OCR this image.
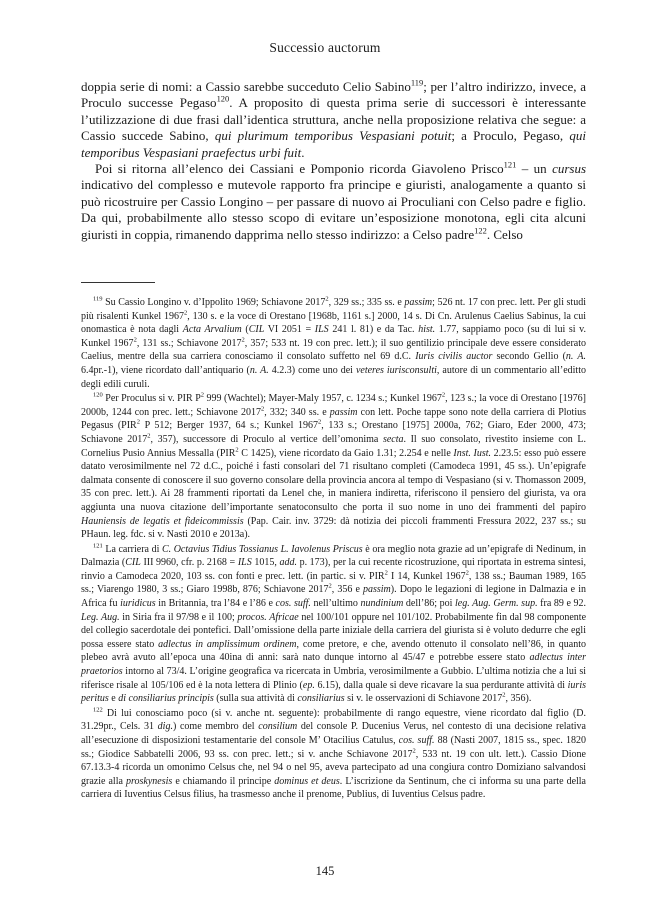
Successio auctorum

doppia serie di nomi: a Cassio sarebbe succeduto Celio Sabino$^{119}$; per l’altro indirizzo, invece, a Proculo successe Pegaso$^{120}$. A proposito di questa prima serie di successori è interessante l’utilizzazione di due frasi dall’identica struttura, anche nella proposizione relativa che segue: a Cassio succede Sabino, qui plurimum temporibus Vespasiani potuit; a Proculo, Pegaso, qui temporibus Vespasiani praefectus urbi fuit.

Poi si ritorna all’elenco dei Cassiani e Pomponio ricorda Giavoleno Prisco$^{121}$ – un cursus indicativo del complesso e mutevole rapporto fra principe e giuristi, analogamente a quanto si può ricostruire per Cassio Longino – per passare di nuovo ai Proculiani con Celso padre e figlio. Da qui, probabilmente allo stesso scopo di evitare un’esposizione monotona, egli cita alcuni giuristi in coppia, rimanendo dapprima nello stesso indirizzo: a Celso padre$^{122}$. Celso

$^{119}$ Su Cassio Longino v. d’Ippolito 1969; Schiavone 2017$^2$, 329 ss.; 335 ss. e passim; 526 nt. 17 con prec. lett. Per gli studi più risalenti Kunkel 1967$^2$, 130 s. e la voce di Orestano [1968b, 1161 s.] 2000, 14 s. Di Cn. Arulenus Caelius Sabinus, la cui onomastica è nota dagli Acta Arvalium (CIL VI 2051 = ILS 241 l. 81) e da Tac. hist. 1.77, sappiamo poco (su di lui si v. Kunkel 1967$^2$, 131 ss.; Schiavone 2017$^2$, 357; 533 nt. 19 con prec. lett.); il suo gentilizio principale deve essere considerato Caelius, mentre della sua carriera conosciamo il consolato suffetto nel 69 d.C. Iuris civilis auctor secondo Gellio (n. A. 6.4pr.-1), viene ricordato dall’antiquario (n. A. 4.2.3) come uno dei veteres iurisconsulti, autore di un commentario all’editto degli edili curuli.

$^{120}$ Per Proculus si v. PIR $P^2$ 999 (Wachtel); Mayer-Maly 1957, c. 1234 s.; Kunkel 1967$^2$, 123 s.; la voce di Orestano [1976] 2000b, 1244 con prec. lett.; Schiavone 2017$^2$, 332; 340 ss. e passim con lett. Poche tappe sono note della carriera di Plotius Pegasus (PIR$^2$ P 512; Berger 1937, 64 s.; Kunkel 1967$^2$, 133 s.; Orestano [1975] 2000a, 762; Giaro, Eder 2000, 473; Schiavone 2017$^2$, 357), successore di Proculo al vertice dell’omonima secta. Il suo consolato, rivestito insieme con L. Cornelius Pusio Annius Messalla (PIR$^2$ C 1425), viene ricordato da Gaio 1.31; 2.254 e nelle Inst. Iust. 2.23.5: esso può essere datato verosimilmente nel 72 d.C., poiché i fasti consolari del 71 risultano completi (Camodeca 1991, 45 ss.). Un’epigrafe dalmata consente di conoscere il suo governo consolare della provincia ancora al tempo di Vespasiano (si v. Thomasson 2009, 35 con prec. lett.). Ai 28 frammenti riportati da Lenel che, in maniera indiretta, riferiscono il pensiero del giurista, va ora aggiunta una nuova citazione dell’importante senatoconsulto che porta il suo nome in uno dei frammenti del papiro Hauniensis de legatis et fideicommissis (Pap. Cair. inv. 3729: dà notizia dei piccoli frammenti Fressura 2022, 237 ss.; su PHaun. leg. fdc. si v. Nasti 2010 e 2013a).

$^{121}$ La carriera di C. Octavius Tidius Tossianus L. Iavolenus Priscus è ora meglio nota grazie ad un’epigrafe di Nedinum, in Dalmazia (CIL III 9960, cfr. p. 2168 = ILS 1015, add. p. 173), per la cui recente ricostruzione, qui riportata in estrema sintesi, rinvio a Camodeca 2020, 103 ss. con fonti e prec. lett. (in partic. si v. PIR$^2$ I 14, Kunkel 1967$^2$, 138 ss.; Bauman 1989, 165 ss.; Viarengo 1980, 3 ss.; Giaro 1998b, 876; Schiavone 2017$^2$, 356 e passim). Dopo le legazioni di legione in Dalmazia e in Africa fu iuridicus in Britannia, tra l’84 e l’86 e cos. suff. nell’ultimo nundinium dell’86; poi leg. Aug. Germ. sup. fra 89 e 92. Leg. Aug. in Siria fra il 97/98 e il 100; procos. Africae nel 100/101 oppure nel 101/102. Probabilmente fin dal 98 componente del collegio sacerdotale dei pontefici. Dall’omissione della parte iniziale della carriera del giurista si è voluto dedurre che egli possa essere stato adlectus in amplissimum ordinem, come pretore, e che, avendo ottenuto il consolato nell’86, in quanto plebeo avrà avuto all’epoca una 40ina di anni: sarà nato dunque intorno al 45/47 e potrebbe essere stato adlectus inter praetorios intorno al 73/4. L’origine geografica va ricercata in Umbria, verosimilmente a Gubbio. L’ultima notizia che a lui si riferisce risale al 105/106 ed è la nota lettera di Plinio (ep. 6.15), dalla quale si deve ricavare la sua perdurante attività di iuris peritus e di consiliarius principis (sulla sua attività di consiliarius si v. le osservazioni di Schiavone 2017$^2$, 356).

$^{122}$ Di lui conosciamo poco (si v. anche nt. seguente): probabilmente di rango equestre, viene ricordato dal figlio (D. 31.29pr., Cels. 31 dig.) come membro del consilium del console P. Ducenius Verus, nel contesto di una decisione relativa all’esecuzione di disposizioni testamentarie del console M’ Otacilius Catulus, cos. suff. 88 (Nasti 2007, 1815 ss., spec. 1820 ss.; Giodice Sabbatelli 2006, 93 ss. con prec. lett.; si v. anche Schiavone 2017$^2$, 533 nt. 19 con ult. lett.). Cassio Dione 67.13.3-4 ricorda un omonimo Celsus che, nel 94 o nel 95, aveva partecipato ad una congiura contro Domiziano salvandosi grazie alla proskynesis e chiamando il principe dominus et deus. L’iscrizione da Sentinum, che ci informa su una parte della carriera di Iuventius Celsus filius, ha trasmesso anche il prenome, Publius, di Iuventius Celsus padre.

145
